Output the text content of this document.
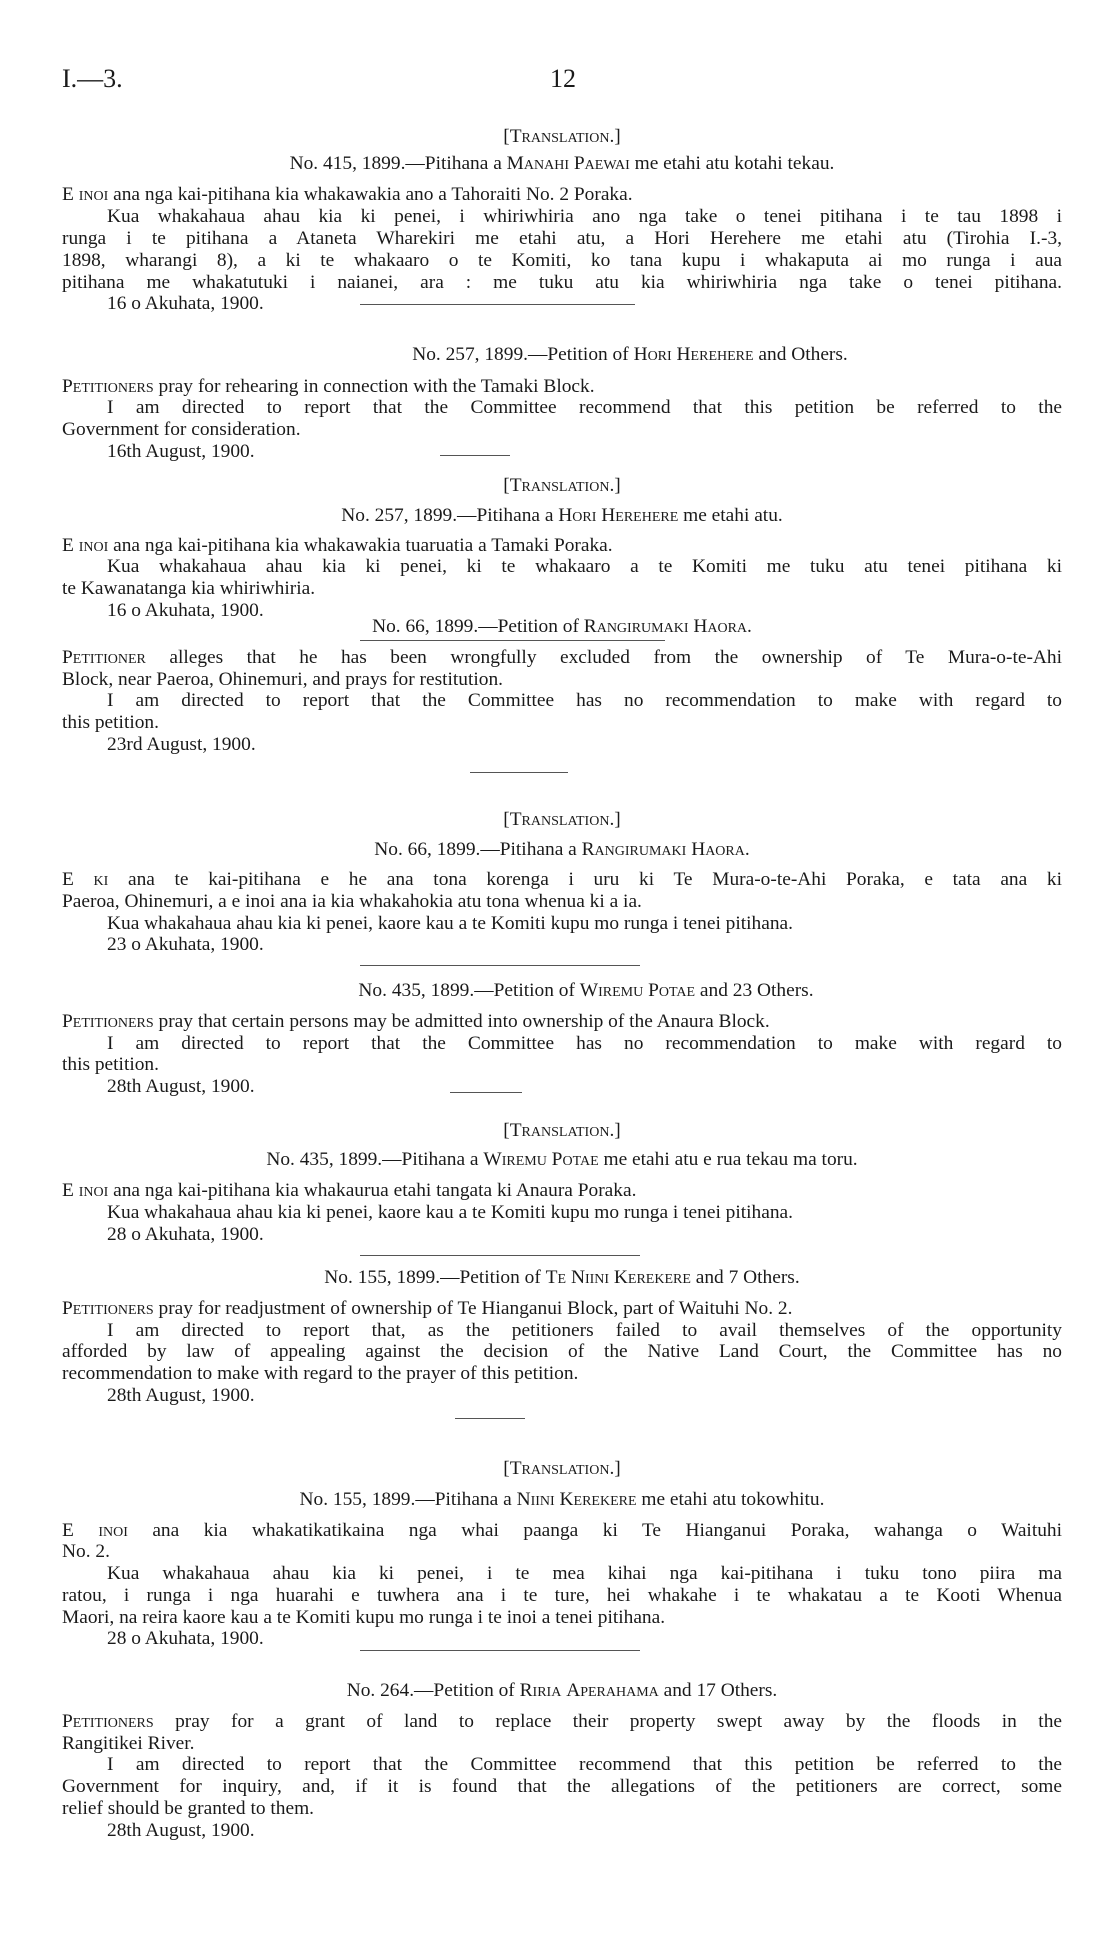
I.—3.	12
[Translation.]
No. 415, 1899.—Pitihana a Manahi Paewai me etahi atu kotahi tekau.
E inoi ana nga kai-pitihana kia whakawakia ano a Tahoraiti No. 2 Poraka.
Kua whakahaua ahau kia ki penei, i whiriwhiria ano nga take o tenei pitihana i te tau 1898 i
runga i te pitihana a Ataneta Wharekiri me etahi atu, a Hori Herehere me etahi atu (Tirohia I.-3,
1898, wharangi 8), a ki te whakaaro o te Komiti, ko tana kupu i whakaputa ai mo runga i aua
pitihana me whakatutuki i naianei, ara : me tuku atu kia whiriwhiria nga take o tenei pitihana.
16 o Akuhata, 1900.
No. 257, 1899.—Petition of Hori Herehere and Others.
Petitioners pray for rehearing in connection with the Tamaki Block.
I am directed to report that the Committee recommend that this petition be referred to the
Government for consideration.
16th August, 1900.
[Translation.]
No. 257, 1899.—Pitihana a Hori Herehere me etahi atu.
E inoi ana nga kai-pitihana kia whakawakia tuaruatia a Tamaki Poraka.
Kua whakahaua ahau kia ki penei, ki te whakaaro a te Komiti me tuku atu tenei pitihana ki
te Kawanatanga kia whiriwhiria.
16 o Akuhata, 1900.
No. 66, 1899.—Petition of Rangirumaki Haora.
Petitioner alleges that he has been wrongfully excluded from the ownership of Te Mura-o-te-Ahi
Block, near Paeroa, Ohinemuri, and prays for restitution.
I am directed to report that the Committee has no recommendation to make with regard to
this petition.
23rd August, 1900.
[Translation.]
No. 66, 1899.—Pitihana a Rangirumaki Haora.
E ki ana te kai-pitihana e he ana tona korenga i uru ki Te Mura-o-te-Ahi Poraka, e tata ana ki
Paeroa, Ohinemuri, a e inoi ana ia kia whakahokia atu tona whenua ki a ia.
Kua whakahaua ahau kia ki penei, kaore kau a te Komiti kupu mo runga i tenei pitihana.
23 o Akuhata, 1900.
No. 435, 1899.—Petition of Wiremu Potae and 23 Others.
Petitioners pray that certain persons may be admitted into ownership of the Anaura Block.
I am directed to report that the Committee has no recommendation to make with regard to
this petition.
28th August, 1900.
[Translation.]
No. 435, 1899.—Pitihana a Wiremu Potae me etahi atu e rua tekau ma toru.
E inoi ana nga kai-pitihana kia whakaurua etahi tangata ki Anaura Poraka.
Kua whakahaua ahau kia ki penei, kaore kau a te Komiti kupu mo runga i tenei pitihana.
28 o Akuhata, 1900.
No. 155, 1899.—Petition of Te Niini Kerekere and 7 Others.
Petitioners pray for readjustment of ownership of Te Hianganui Block, part of Waituhi No. 2.
I am directed to report that, as the petitioners failed to avail themselves of the opportunity
afforded by law of appealing against the decision of the Native Land Court, the Committee has no
recommendation to make with regard to the prayer of this petition.
28th August, 1900.
[Translation.]
No. 155, 1899.—Pitihana a Niini Kerekere me etahi atu tokowhitu.
E inoi ana kia whakatikatikaina nga whai paanga ki Te Hianganui Poraka, wahanga o Waituhi
No. 2.
Kua whakahaua ahau kia ki penei, i te mea kihai nga kai-pitihana i tuku tono piira ma
ratou, i runga i nga huarahi e tuwhera ana i te ture, hei whakahe i te whakatau a te Kooti Whenua
Maori, na reira kaore kau a te Komiti kupu mo runga i te inoi a tenei pitihana.
28 o Akuhata, 1900.
No. 264.—Petition of Riria Aperahama and 17 Others.
Petitioners pray for a grant of land to replace their property swept away by the floods in the
Rangitikei River.
I am directed to report that the Committee recommend that this petition be referred to the
Government for inquiry, and, if it is found that the allegations of the petitioners are correct, some
relief should be granted to them.
28th August, 1900.
